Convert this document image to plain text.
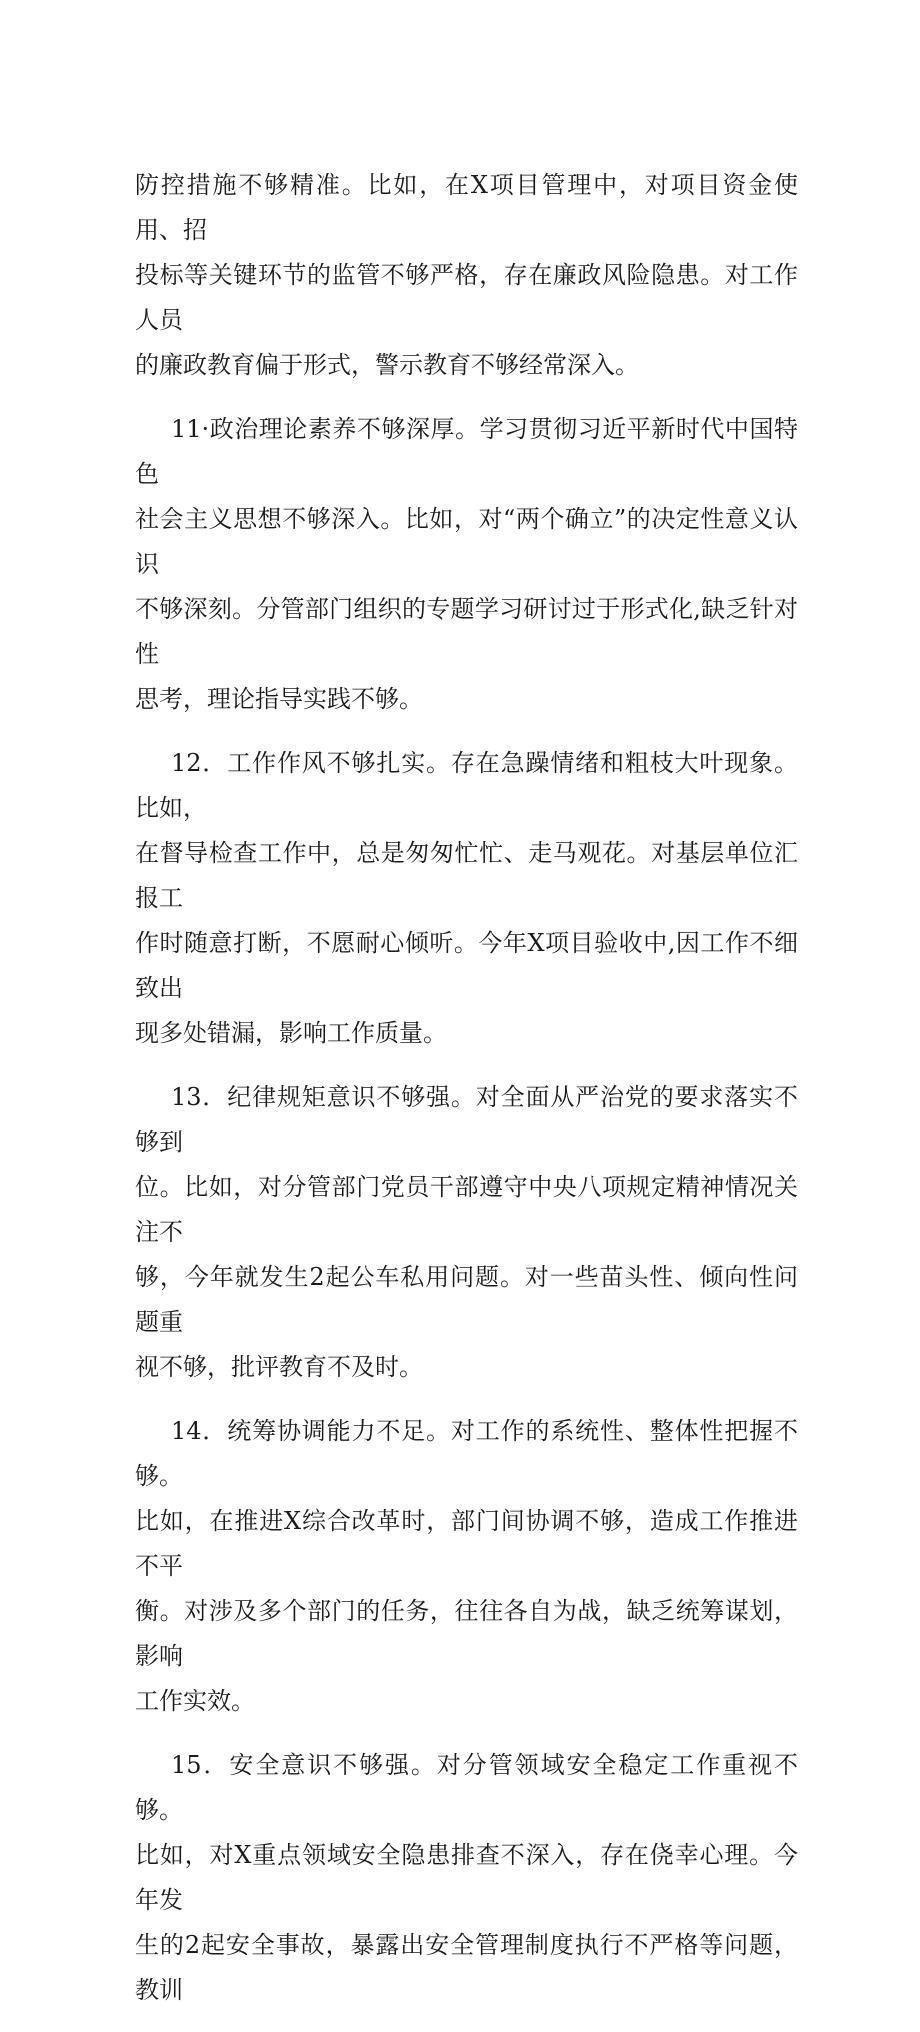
防控措施不够精准。比如，在X项目管理中，对项目资金使用、招
投标等关键环节的监管不够严格，存在廉政风险隐患。对工作人员
的廉政教育偏于形式，警示教育不够经常深入。

11·政治理论素养不够深厚。学习贯彻习近平新时代中国特色
社会主义思想不够深入。比如，对“两个确立”的决定性意义认识
不够深刻。分管部门组织的专题学习研讨过于形式化,缺乏针对性
思考，理论指导实践不够。

12．工作作风不够扎实。存在急躁情绪和粗枝大叶现象。比如，
在督导检查工作中，总是匆匆忙忙、走马观花。对基层单位汇报工
作时随意打断，不愿耐心倾听。今年X项目验收中,因工作不细致出
现多处错漏，影响工作质量。

13．纪律规矩意识不够强。对全面从严治党的要求落实不够到
位。比如，对分管部门党员干部遵守中央八项规定精神情况关注不
够，今年就发生2起公车私用问题。对一些苗头性、倾向性问题重
视不够，批评教育不及时。

14．统筹协调能力不足。对工作的系统性、整体性把握不够。
比如，在推进X综合改革时，部门间协调不够，造成工作推进不平
衡。对涉及多个部门的任务，往往各自为战，缺乏统筹谋划，影响
工作实效。

15．安全意识不够强。对分管领域安全稳定工作重视不够。
比如，对X重点领域安全隐患排查不深入，存在侥幸心理。今年发
生的2起安全事故，暴露出安全管理制度执行不严格等问题，教训
